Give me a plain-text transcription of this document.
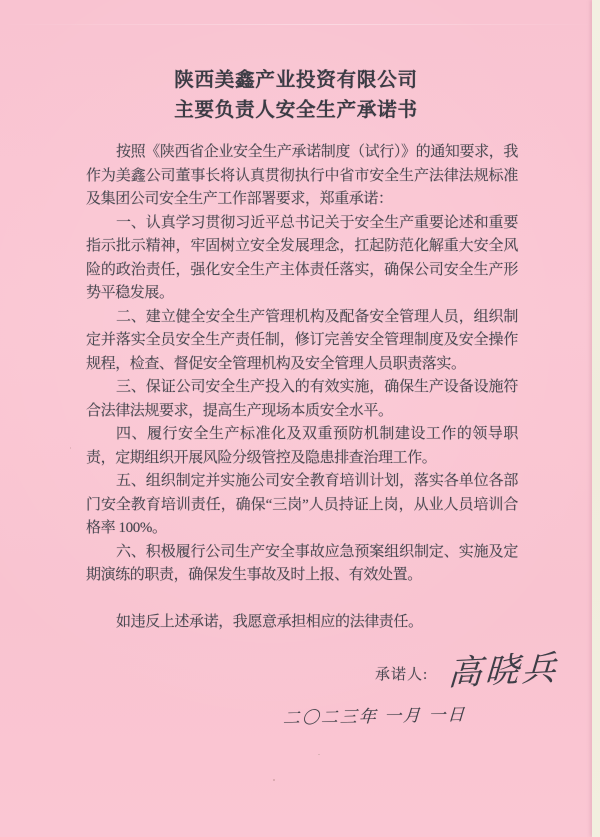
陕西美鑫产业投资有限公司
主要负责人安全生产承诺书

按照《陕西省企业安全生产承诺制度（试行）》的通知要求，我作为美鑫公司董事长将认真贯彻执行中省市安全生产法律法规标准及集团公司安全生产工作部署要求，郑重承诺：

一、认真学习贯彻习近平总书记关于安全生产重要论述和重要指示批示精神，牢固树立安全发展理念，扛起防范化解重大安全风险的政治责任，强化安全生产主体责任落实，确保公司安全生产形势平稳发展。

二、建立健全安全生产管理机构及配备安全管理人员，组织制定并落实全员安全生产责任制，修订完善安全管理制度及安全操作规程，检查、督促安全管理机构及安全管理人员职责落实。

三、保证公司安全生产投入的有效实施，确保生产设备设施符合法律法规要求，提高生产现场本质安全水平。

四、履行安全生产标准化及双重预防机制建设工作的领导职责，定期组织开展风险分级管控及隐患排查治理工作。

五、组织制定并实施公司安全教育培训计划，落实各单位各部门安全教育培训责任，确保“三岗”人员持证上岗，从业人员培训合格率 100%。

六、积极履行公司生产安全事故应急预案组织制定、实施及定期演练的职责，确保发生事故及时上报、有效处置。

如违反上述承诺，我愿意承担相应的法律责任。

承诺人: 高晓兵
二〇二三年 一月 一日
